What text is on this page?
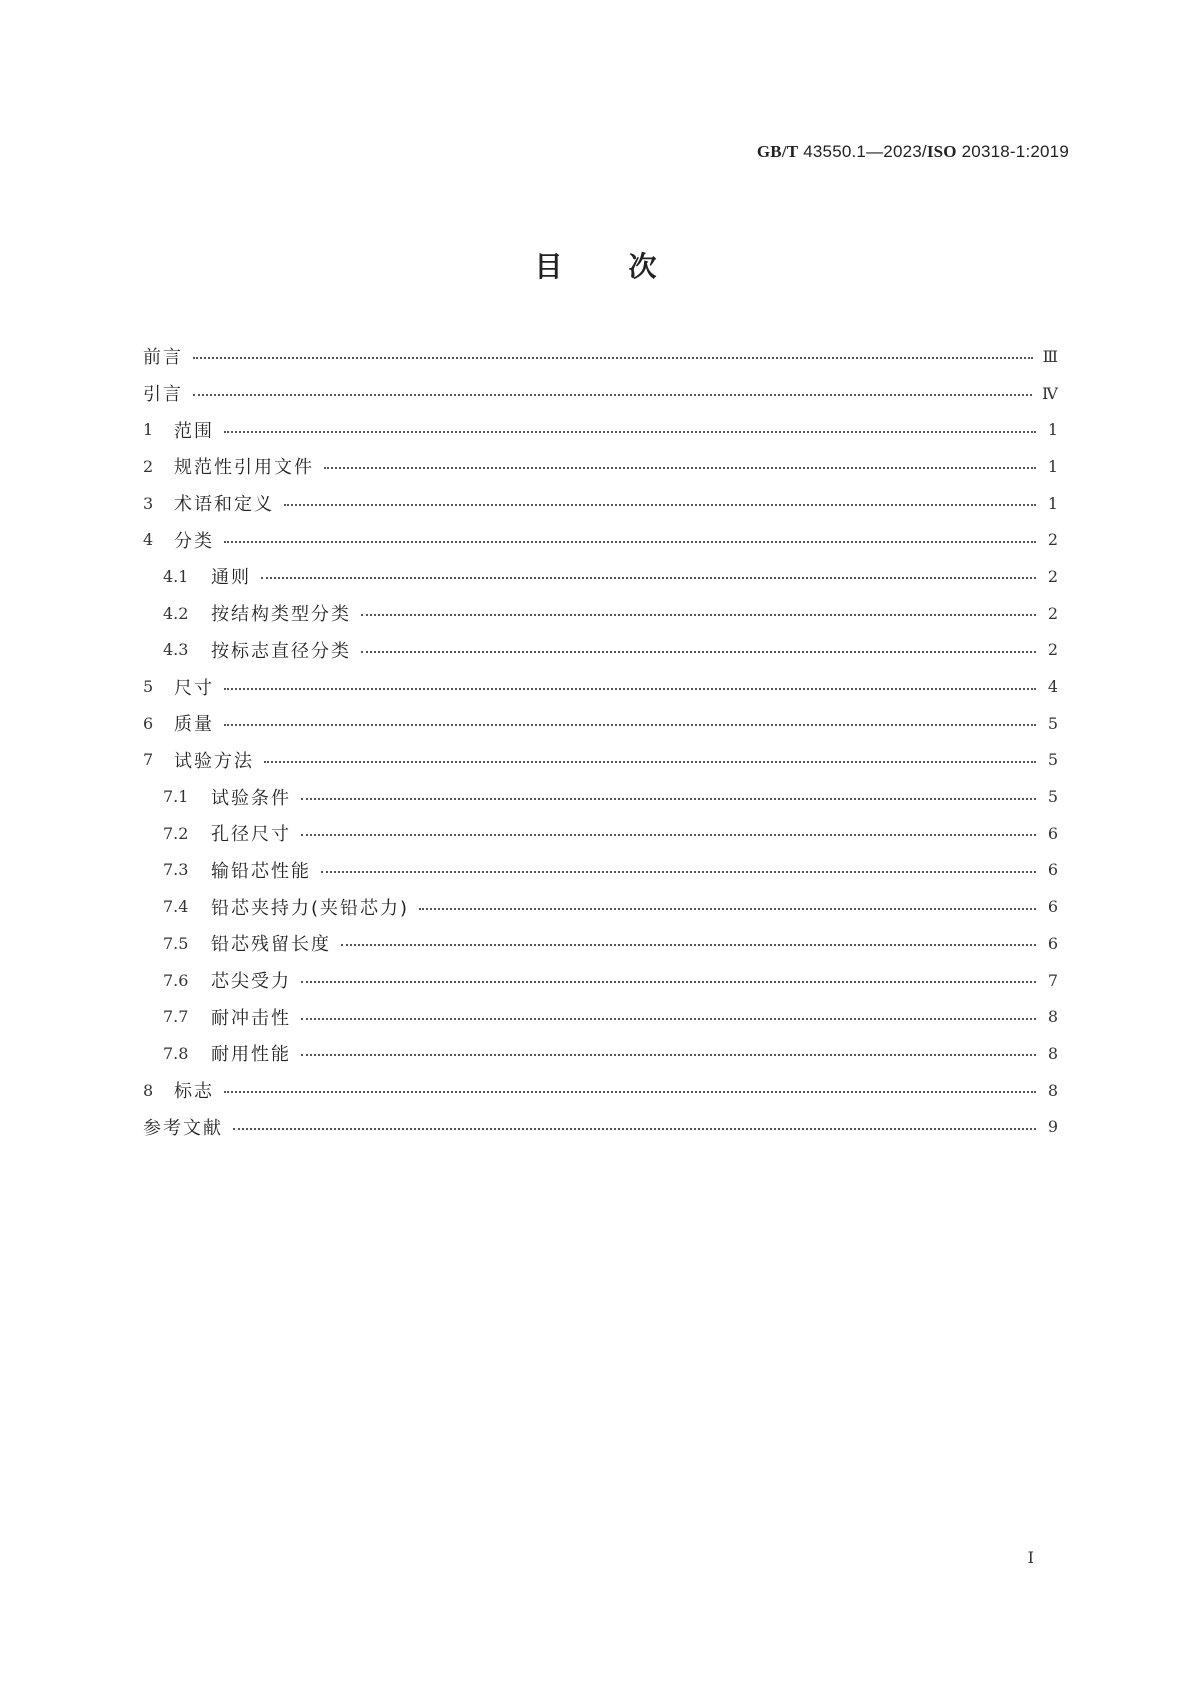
GB/T 43550.1—2023/ISO 20318-1:2019
目 次
前言	Ⅲ
引言	Ⅳ
1	范围	1
2	规范性引用文件	1
3	术语和定义	1
4	分类	2
4.1	通则	2
4.2	按结构类型分类	2
4.3	按标志直径分类	2
5	尺寸	4
6	质量	5
7	试验方法	5
7.1	试验条件	5
7.2	孔径尺寸	6
7.3	输铅芯性能	6
7.4	铅芯夹持力(夹铅芯力)	6
7.5	铅芯残留长度	6
7.6	芯尖受力	7
7.7	耐冲击性	8
7.8	耐用性能	8
8	标志	8
参考文献	9
Ⅰ
